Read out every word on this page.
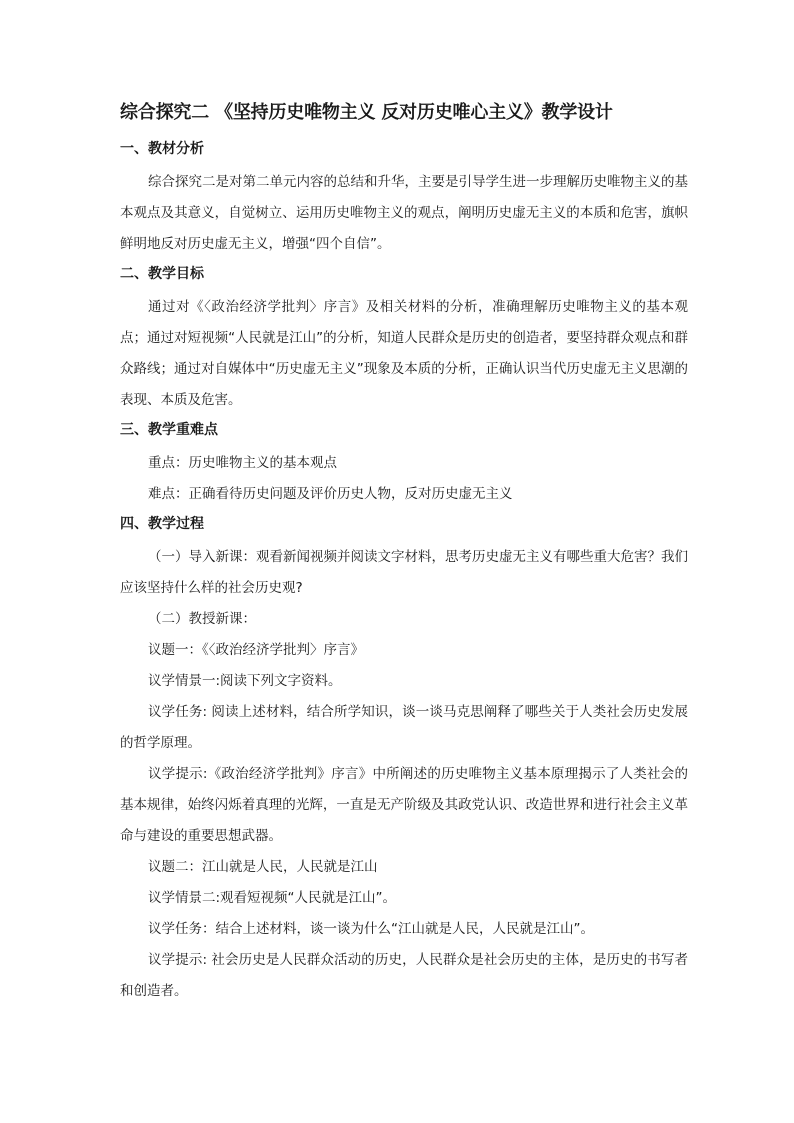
综合探究二 《坚持历史唯物主义 反对历史唯心主义》教学设计
一、教材分析

综合探究二是对第二单元内容的总结和升华，主要是引导学生进一步理解历史唯物主义的基本观点及其意义，自觉树立、运用历史唯物主义的观点，阐明历史虚无主义的本质和危害，旗帜鲜明地反对历史虚无主义，增强“四个自信”。

二、教学目标

通过对《〈政治经济学批判〉序言》及相关材料的分析，准确理解历史唯物主义的基本观点；通过对短视频“人民就是江山”的分析，知道人民群众是历史的创造者，要坚持群众观点和群众路线；通过对自媒体中“历史虚无主义”现象及本质的分析，正确认识当代历史虚无主义思潮的表现、本质及危害。

三、教学重难点

重点：历史唯物主义的基本观点

难点：正确看待历史问题及评价历史人物，反对历史虚无主义

四、教学过程

（一）导入新课：观看新闻视频并阅读文字材料，思考历史虚无主义有哪些重大危害？我们应该坚持什么样的社会历史观?

（二）教授新课：

议题一：《〈政治经济学批判〉序言》

议学情景一:阅读下列文字资料。

议学任务: 阅读上述材料，结合所学知识，谈一谈马克思阐释了哪些关于人类社会历史发展的哲学原理。

议学提示:《政治经济学批判》序言》中所阐述的历史唯物主义基本原理揭示了人类社会的基本规律，始终闪烁着真理的光辉，一直是无产阶级及其政党认识、改造世界和进行社会主义革命与建设的重要思想武器。

议题二：江山就是人民，人民就是江山

议学情景二:观看短视频“人民就是江山”。

议学任务：结合上述材料，谈一谈为什么“江山就是人民，人民就是江山”。

议学提示: 社会历史是人民群众活动的历史，人民群众是社会历史的主体，是历史的书写者和创造者。
